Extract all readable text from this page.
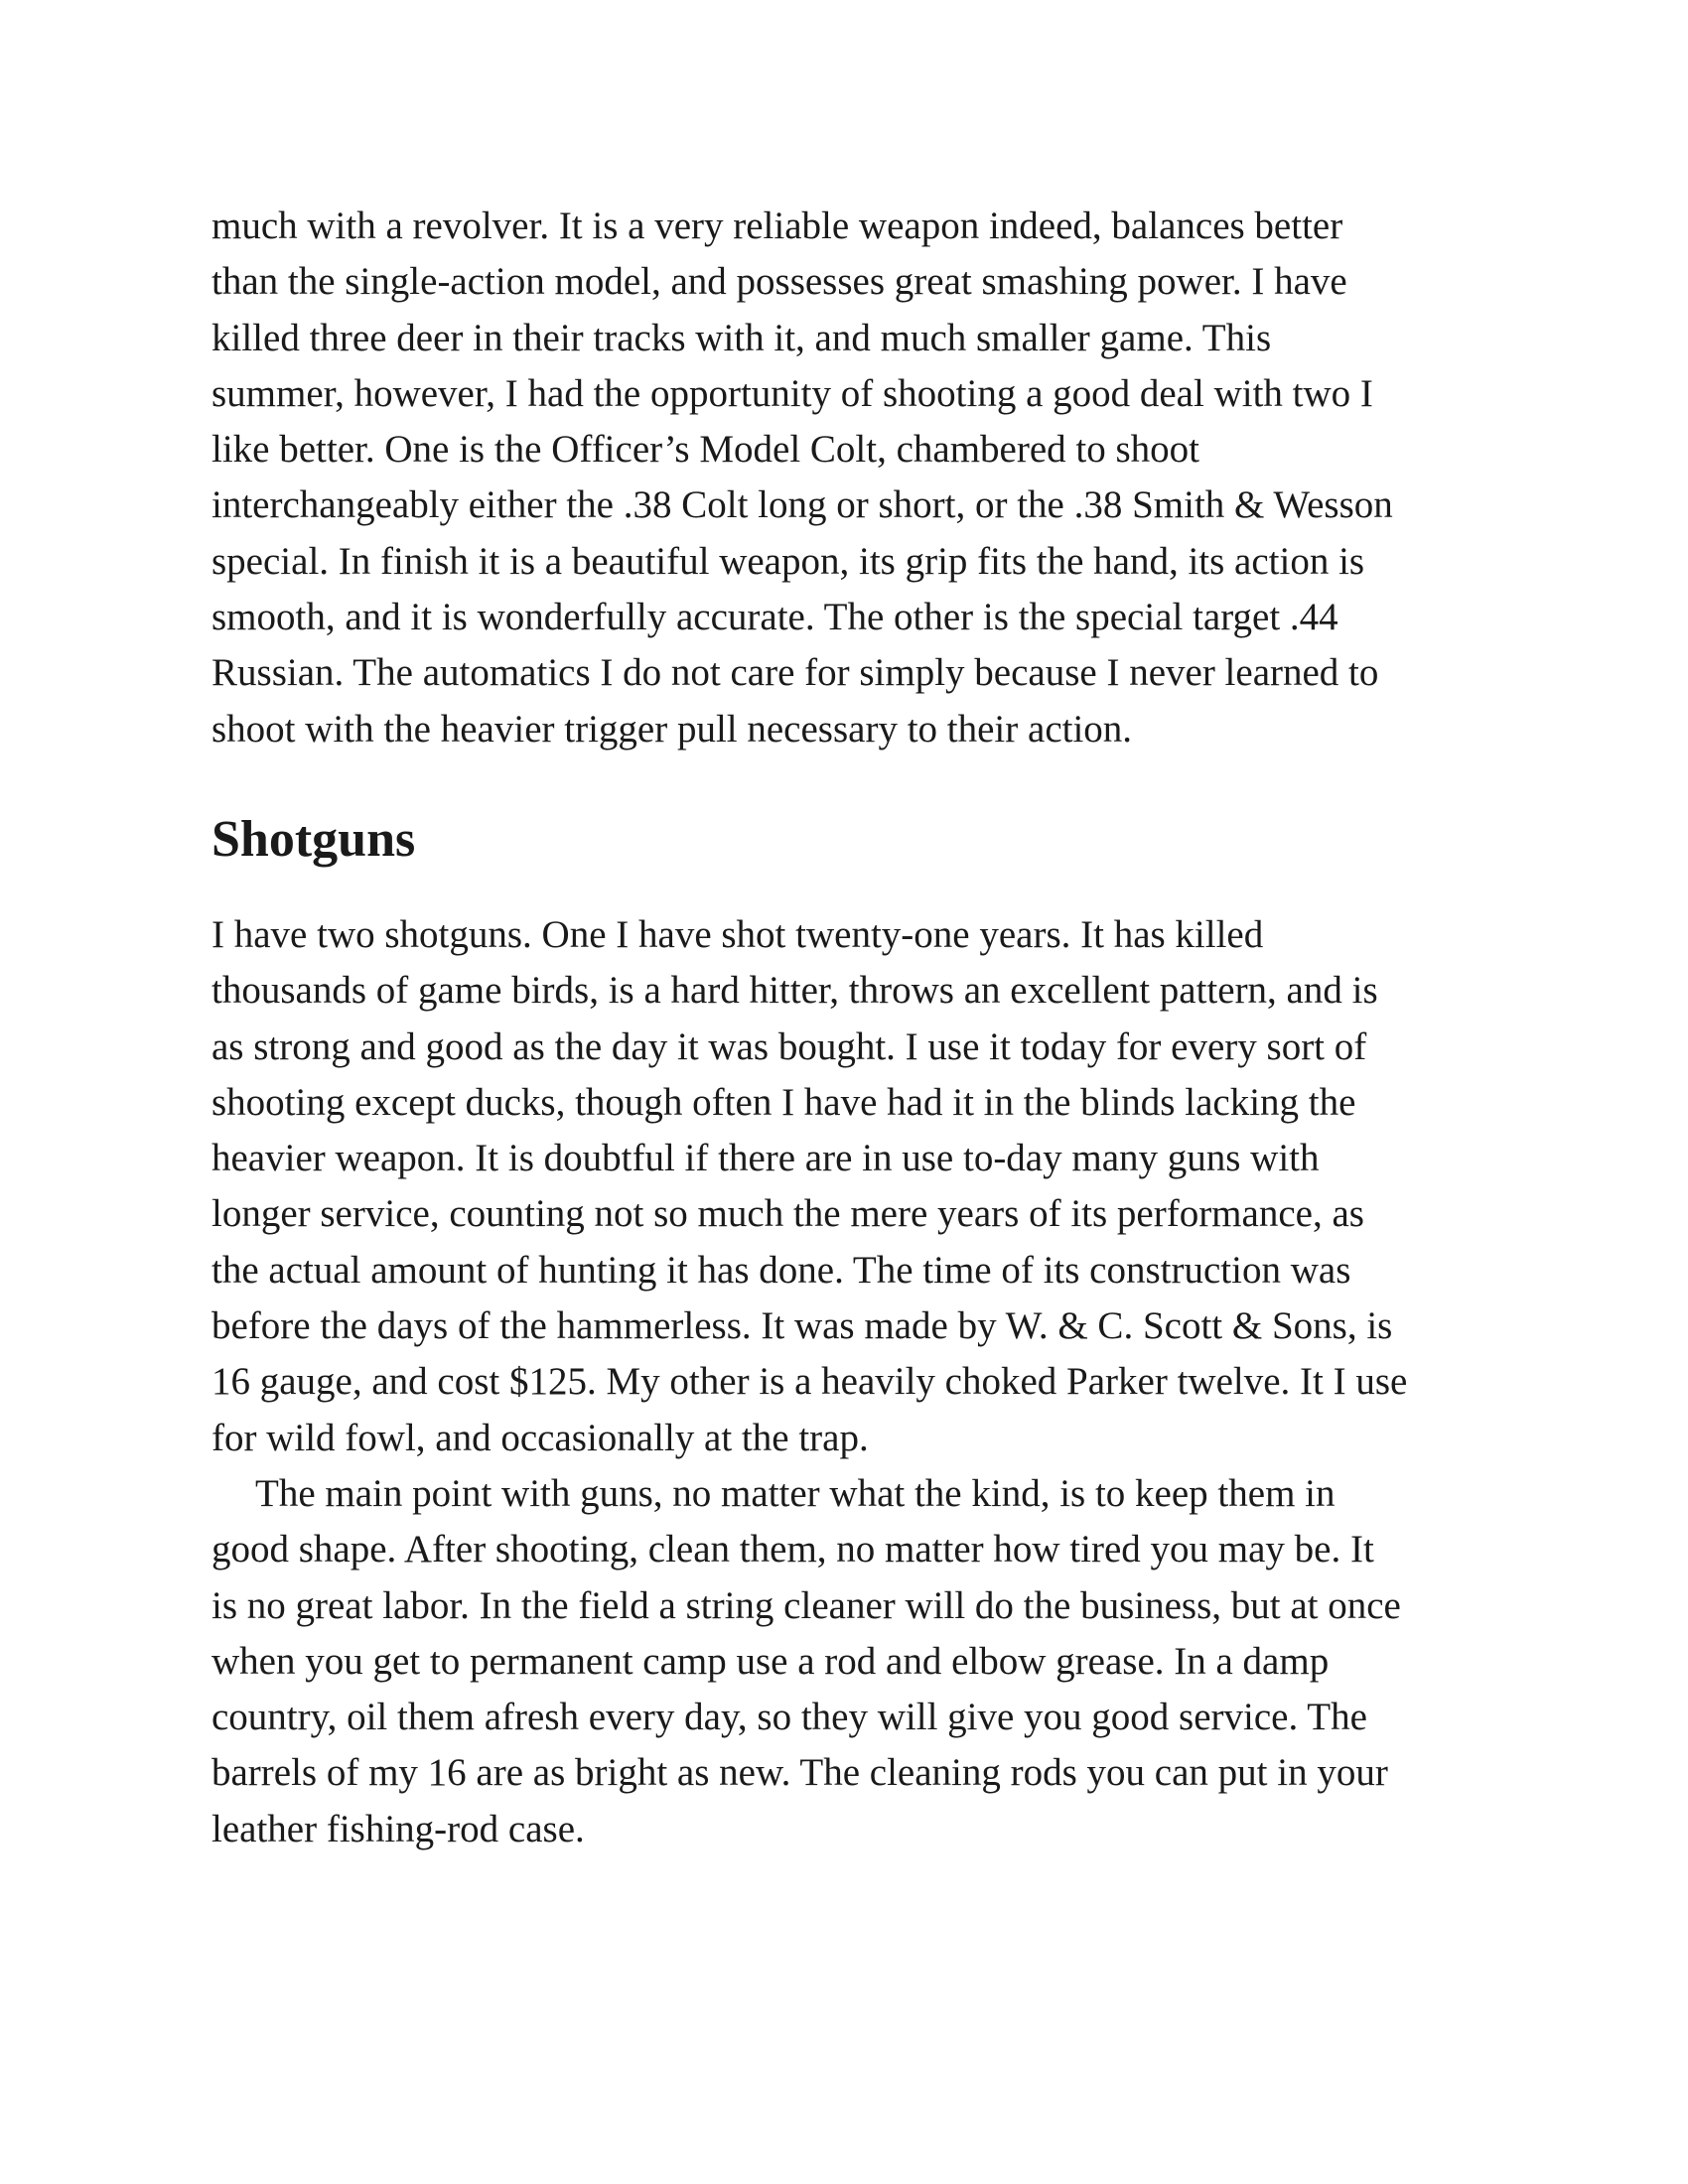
much with a revolver. It is a very reliable weapon indeed, balances better
than the single-action model, and possesses great smashing power. I have
killed three deer in their tracks with it, and much smaller game. This
summer, however, I had the opportunity of shooting a good deal with two I
like better. One is the Officer’s Model Colt, chambered to shoot
interchangeably either the .38 Colt long or short, or the .38 Smith & Wesson
special. In finish it is a beautiful weapon, its grip fits the hand, its action is
smooth, and it is wonderfully accurate. The other is the special target .44
Russian. The automatics I do not care for simply because I never learned to
shoot with the heavier trigger pull necessary to their action.
Shotguns
I have two shotguns. One I have shot twenty-one years. It has killed
thousands of game birds, is a hard hitter, throws an excellent pattern, and is
as strong and good as the day it was bought. I use it today for every sort of
shooting except ducks, though often I have had it in the blinds lacking the
heavier weapon. It is doubtful if there are in use to-day many guns with
longer service, counting not so much the mere years of its performance, as
the actual amount of hunting it has done. The time of its construction was
before the days of the hammerless. It was made by W. & C. Scott & Sons, is
16 gauge, and cost $125. My other is a heavily choked Parker twelve. It I use
for wild fowl, and occasionally at the trap.
The main point with guns, no matter what the kind, is to keep them in
good shape. After shooting, clean them, no matter how tired you may be. It
is no great labor. In the field a string cleaner will do the business, but at once
when you get to permanent camp use a rod and elbow grease. In a damp
country, oil them afresh every day, so they will give you good service. The
barrels of my 16 are as bright as new. The cleaning rods you can put in your
leather fishing-rod case.
